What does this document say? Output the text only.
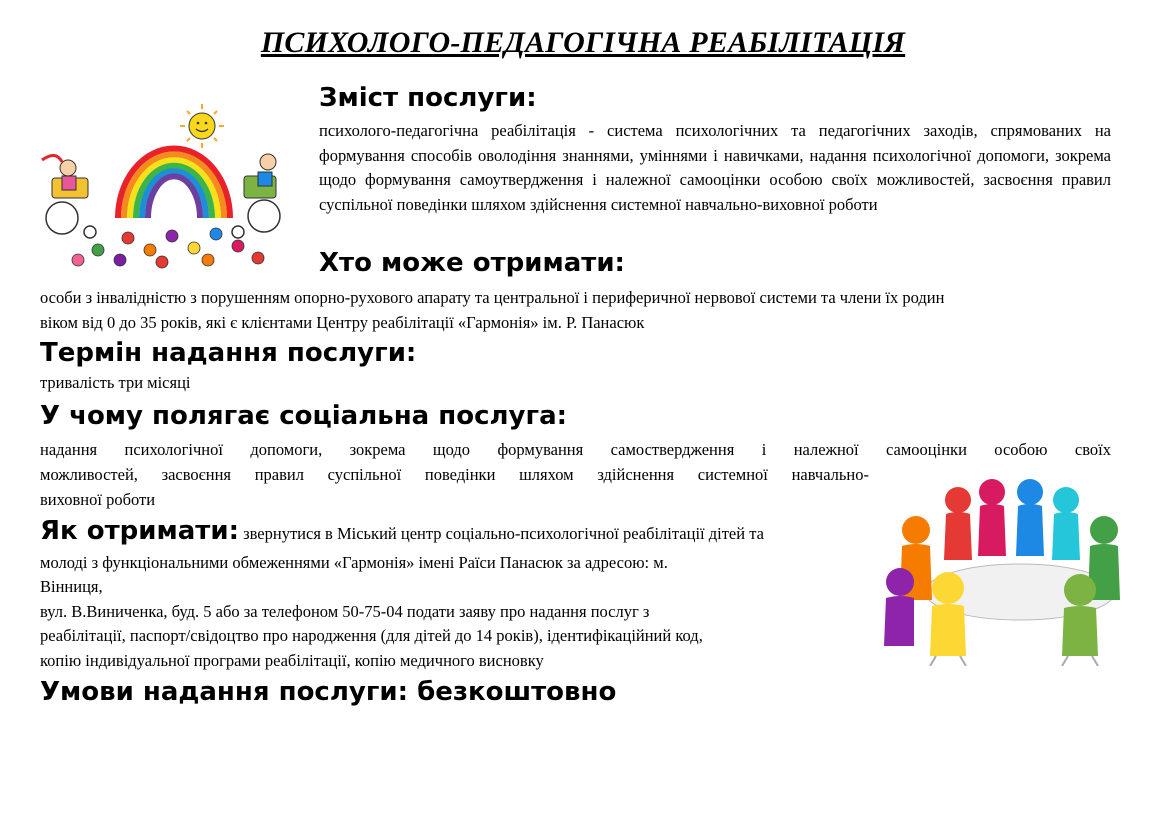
ПСИХОЛОГО-ПЕДАГОГІЧНА РЕАБІЛІТАЦІЯ
Зміст послуги:
психолого-педагогічна реабілітація - система психологічних та педагогічних заходів, спрямованих на формування способів оволодіння знаннями, уміннями і навичками, надання психологічної допомоги, зокрема щодо формування самоутвердження і належної самооцінки особою своїх можливостей, засвоєння правил суспільної поведінки шляхом здійснення системної навчально-виховної роботи
Хто може отримати:
особи з інвалідністю з порушенням опорно-рухового апарату та центральної і периферичної нервової системи та члени їх родин
віком від 0 до 35 років, які є клієнтами Центру реабілітації «Гармонія» ім. Р. Панасюк
Термін надання послуги:
тривалість три місяці
У чому полягає соціальна послуга:
надання психологічної допомоги, зокрема щодо формування самоствердження і належної самооцінки особою своїх
можливостей, засвоєння правил суспільної поведінки шляхом здійснення системної навчально-
виховної роботи
Як отримати: звернутися в Міський центр соціально-психологічної реабілітації дітей та
молоді з функціональними обмеженнями «Гармонія» імені Раїси Панасюк за адресою: м.
Вінниця,
вул. В.Виниченка, буд. 5 або за телефоном 50-75-04 подати заяву про надання послуг з
реабілітації, паспорт/свідоцтво про народження (для дітей до 14 років), ідентифікаційний код,
копію індивідуальної програми реабілітації, копію медичного висновку
Умови надання послуги: безкоштовно
